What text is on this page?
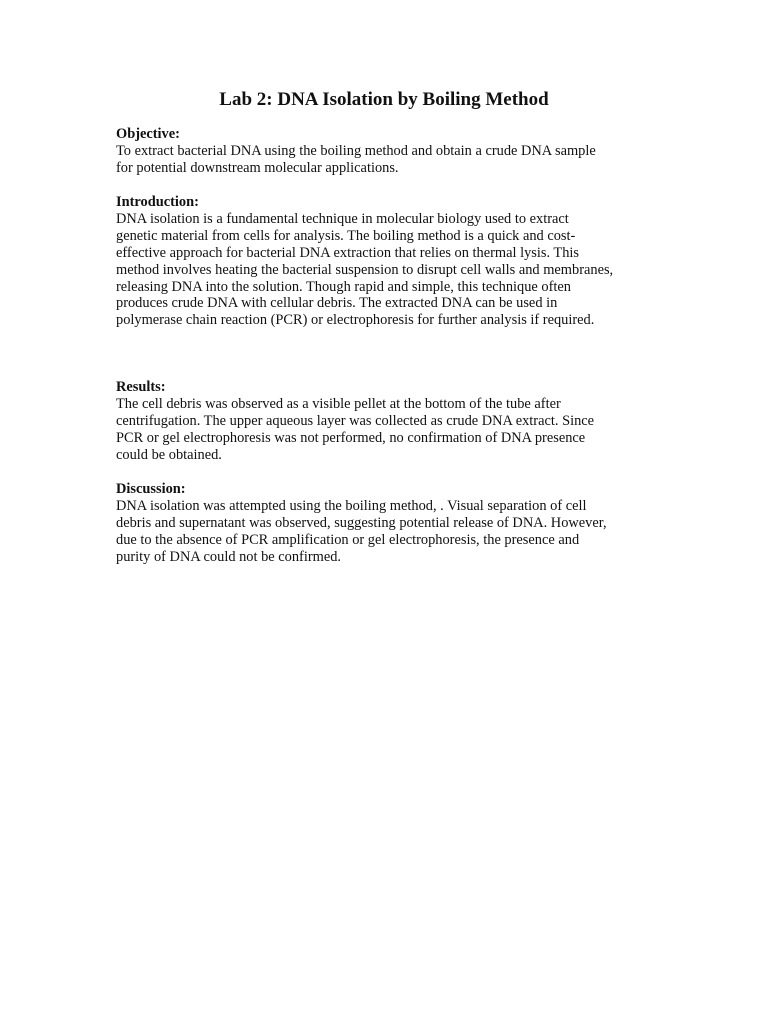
Lab 2: DNA Isolation by Boiling Method
Objective:

To extract bacterial DNA using the boiling method and obtain a crude DNA sample
for potential downstream molecular applications.

Introduction:

DNA isolation is a fundamental technique in molecular biology used to extract
genetic material from cells for analysis. The boiling method is a quick and cost-
effective approach for bacterial DNA extraction that relies on thermal lysis. This
method involves heating the bacterial suspension to disrupt cell walls and membranes,
releasing DNA into the solution. Though rapid and simple, this technique often
produces crude DNA with cellular debris. The extracted DNA can be used in
polymerase chain reaction (PCR) or electrophoresis for further analysis if required.

Results:

The cell debris was observed as a visible pellet at the bottom of the tube after
centrifugation. The upper aqueous layer was collected as crude DNA extract. Since
PCR or gel electrophoresis was not performed, no confirmation of DNA presence
could be obtained.

Discussion:

DNA isolation was attempted using the boiling method, . Visual separation of cell
debris and supernatant was observed, suggesting potential release of DNA. However,
due to the absence of PCR amplification or gel electrophoresis, the presence and
purity of DNA could not be confirmed.
